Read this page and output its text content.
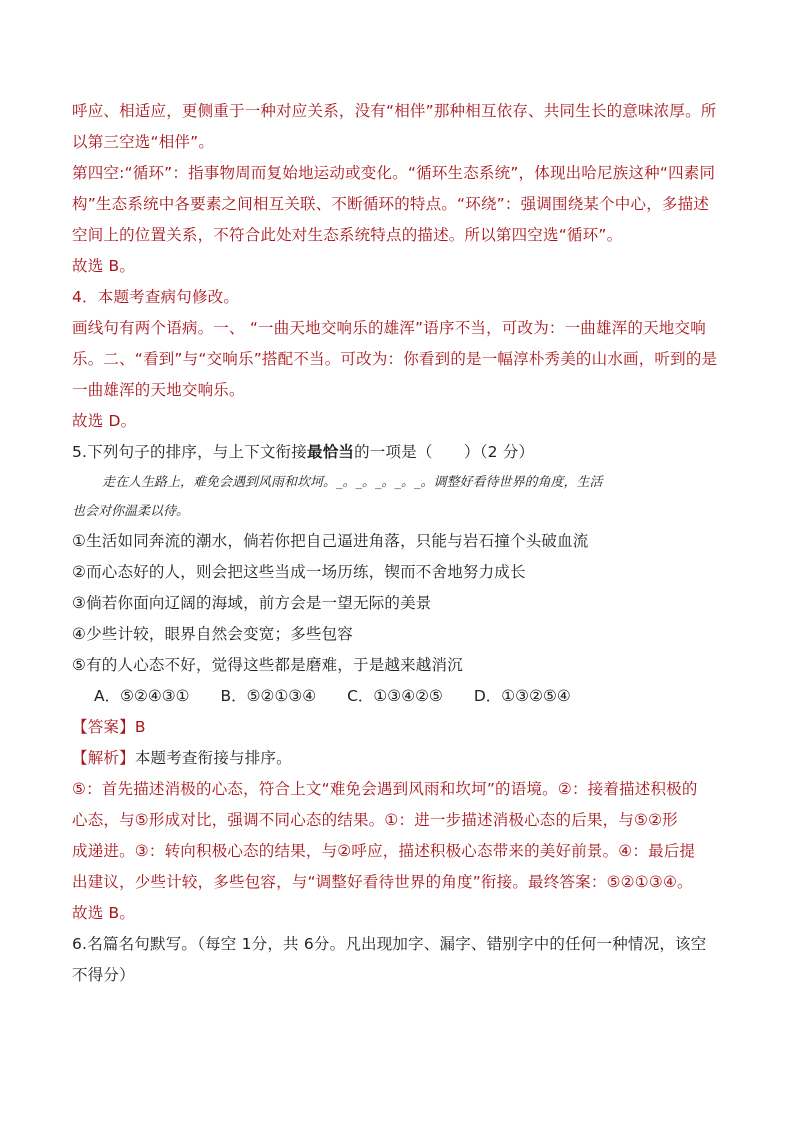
呼应、相适应，更侧重于一种对应关系，没有“相伴”那种相互依存、共同生长的意味浓厚。所
以第三空选“相伴”。
第四空:“循环”：指事物周而复始地运动或变化。“循环生态系统”，体现出哈尼族这种“四素同
构”生态系统中各要素之间相互关联、不断循环的特点。“环绕”：强调围绕某个中心，多描述
空间上的位置关系，不符合此处对生态系统特点的描述。所以第四空选“循环”。
故选 B。
4．本题考查病句修改。
画线句有两个语病。一、 “一曲天地交响乐的雄浑”语序不当，可改为：一曲雄浑的天地交响
乐。二、“看到”与“交响乐”搭配不当。可改为：你看到的是一幅淳朴秀美的山水画，听到的是
一曲雄浑的天地交响乐。
故选 D。
5.下列句子的排序，与上下文衔接最恰当的一项是（　　）（2 分）
走在人生路上，难免会遇到风雨和坎坷。_。_。_。_。_。调整好看待世界的角度，生活
也会对你温柔以待。
①生活如同奔流的潮水，倘若你把自己逼进角落，只能与岩石撞个头破血流
②而心态好的人，则会把这些当成一场历练，锲而不舍地努力成长
③倘若你面向辽阔的海域，前方会是一望无际的美景
④少些计较，眼界自然会变宽；多些包容
⑤有的人心态不好，觉得这些都是磨难，于是越来越消沉
A．⑤②④③① B．⑤②①③④ C．①③④②⑤ D．①③②⑤④
【答案】B
【解析】本题考查衔接与排序。
⑤：首先描述消极的心态，符合上文“难免会遇到风雨和坎坷”的语境。②：接着描述积极的
心态，与⑤形成对比，强调不同心态的结果。①：进一步描述消极心态的后果，与⑤②形
成递进。③：转向积极心态的结果，与②呼应，描述积极心态带来的美好前景。④：最后提
出建议，少些计较，多些包容，与“调整好看待世界的角度”衔接。最终答案：⑤②①③④。
故选 B。
6.名篇名句默写。（每空 1分，共 6分。凡出现加字、漏字、错别字中的任何一种情况，该空
不得分）
